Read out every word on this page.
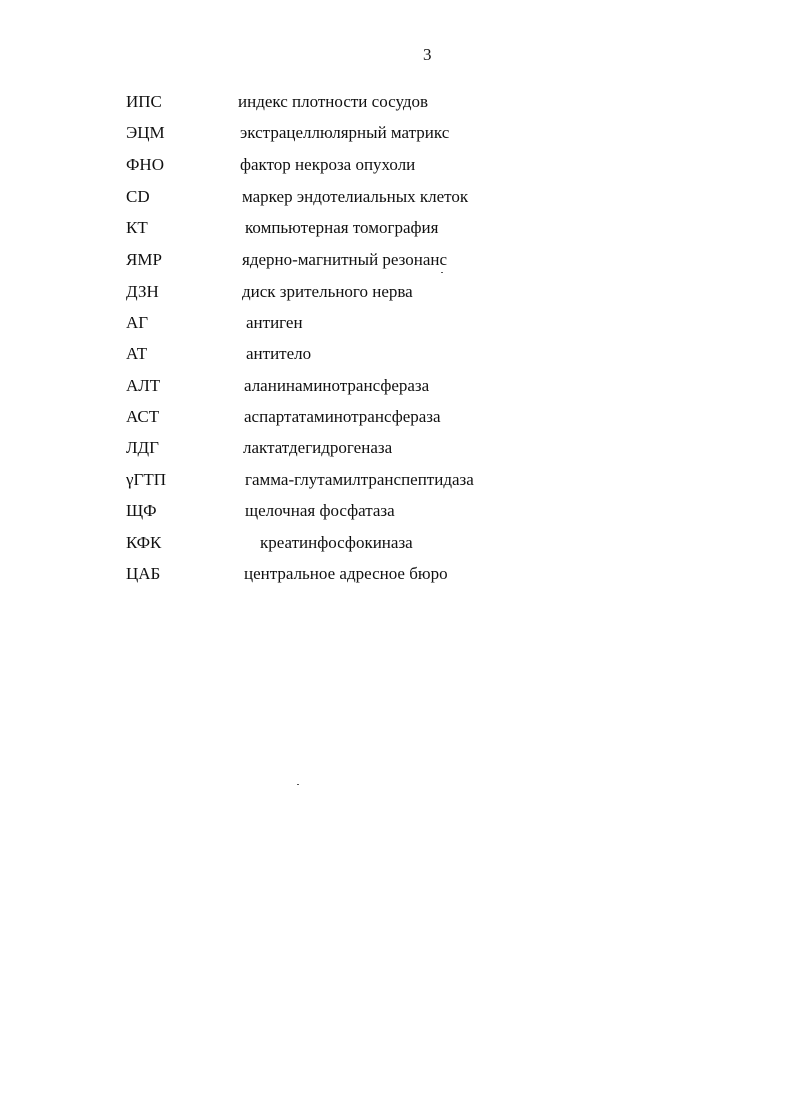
3
ИПС	индекс плотности сосудов
ЭЦМ	экстрацеллюлярный матрикс
ФНО	фактор некроза опухоли
CD	маркер эндотелиальных клеток
КТ	компьютерная томография
ЯМР	ядерно-магнитный резонанс
ДЗН	диск зрительного нерва
АГ	антиген
АТ	антитело
АЛТ	аланинаминотрансфераза
АСТ	аспартатаминотрансфераза
ЛДГ	лактатдегидрогеназа
γГТП	гамма-глутамилтранспептидаза
ЩФ	щелочная фосфатаза
КФК	креатинфосфокиназа
ЦАБ	центральное адресное бюро
